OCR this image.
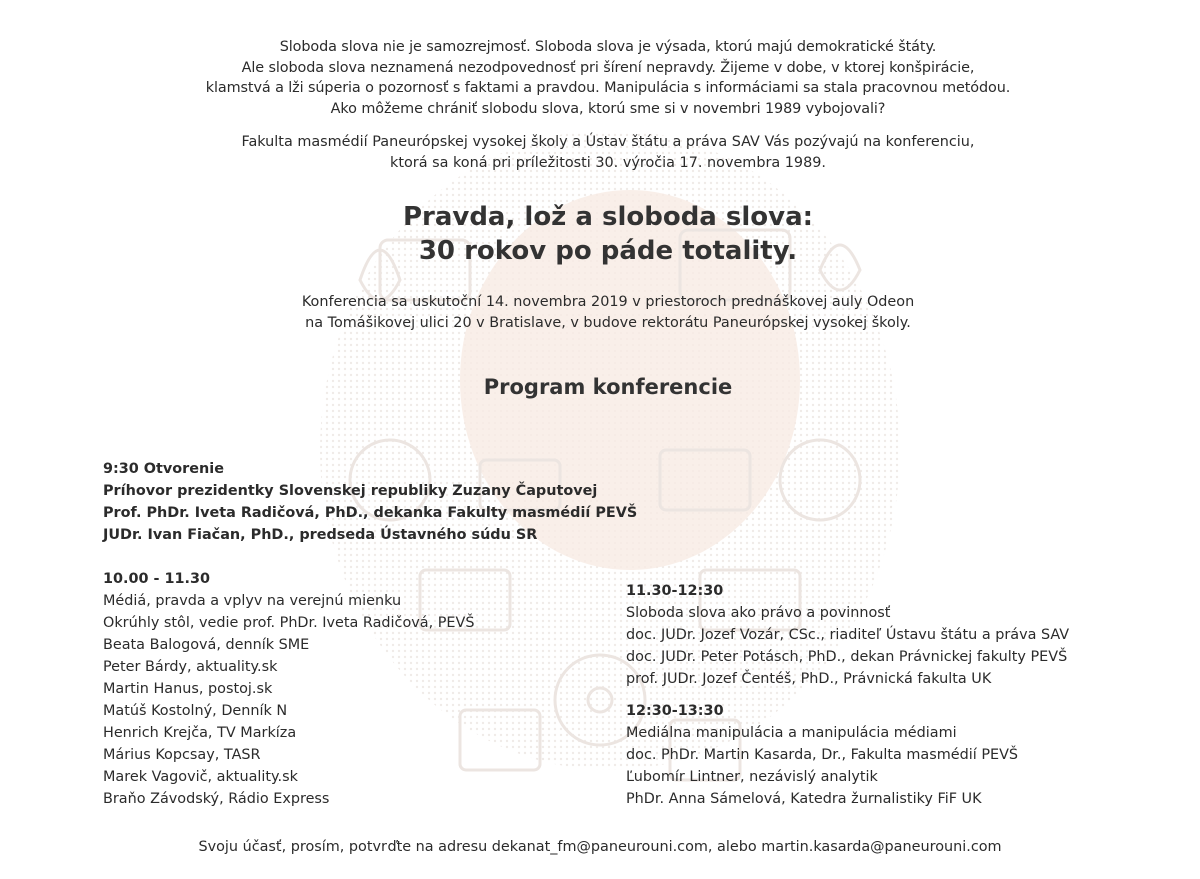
Sloboda slova nie je samozrejmosť. Sloboda slova je výsada, ktorú majú demokratické štáty.

Ale sloboda slova neznamená nezodpovednosť pri šírení nepravdy. Žijeme v dobe, v ktorej konšpirácie,

klamstvá a lži súperia o pozornosť s faktami a pravdou. Manipulácia s informáciami sa stala pracovnou metódou.

Ako môžeme chrániť slobodu slova, ktorú sme si v novembri 1989 vybojovali?

Fakulta masmédií Paneurópskej vysokej školy a Ústav štátu a práva SAV Vás pozývajú na konferenciu,

ktorá sa koná pri príležitosti 30. výročia 17. novembra 1989.

Pravda, lož a sloboda slova:
30 rokov po páde totality.

Konferencia sa uskutoční 14. novembra 2019 v priestoroch prednáškovej auly Odeon

na Tomášikovej ulici 20 v Bratislave, v budove rektorátu Paneurópskej vysokej školy.

Program konferencie
9:30 Otvorenie
Príhovor prezidentky Slovenskej republiky Zuzany Čaputovej
Prof. PhDr. Iveta Radičová, PhD., dekanka Fakulty masmédií PEVŠ
JUDr. Ivan Fiačan, PhD., predseda Ústavného súdu SR
10.00 - 11.30
Médiá, pravda a vplyv na verejnú mienku
Okrúhly stôl, vedie prof. PhDr. Iveta Radičová, PEVŠ
Beata Balogová, denník SME
Peter Bárdy, aktuality.sk
Martin Hanus, postoj.sk
Matúš Kostolný, Denník N
Henrich Krejča, TV Markíza
Márius Kopcsay, TASR
Marek Vagovič, aktuality.sk
Braňo Závodský, Rádio Express
11.30-12:30
Sloboda slova ako právo a povinnosť
doc. JUDr. Jozef Vozár, CSc., riaditeľ Ústavu štátu a práva SAV
doc. JUDr. Peter Potásch, PhD., dekan Právnickej fakulty PEVŠ
prof. JUDr. Jozef Čentéš, PhD., Právnická fakulta UK
12:30-13:30
Mediálna manipulácia a manipulácia médiami
doc. PhDr. Martin Kasarda, Dr., Fakulta masmédií PEVŠ
Ľubomír Lintner, nezávislý analytik
PhDr. Anna Sámelová, Katedra žurnalistiky FiF UK
Svoju účasť, prosím, potvrďte na adresu dekanat_fm@paneurouni.com, alebo martin.kasarda@paneurouni.com
